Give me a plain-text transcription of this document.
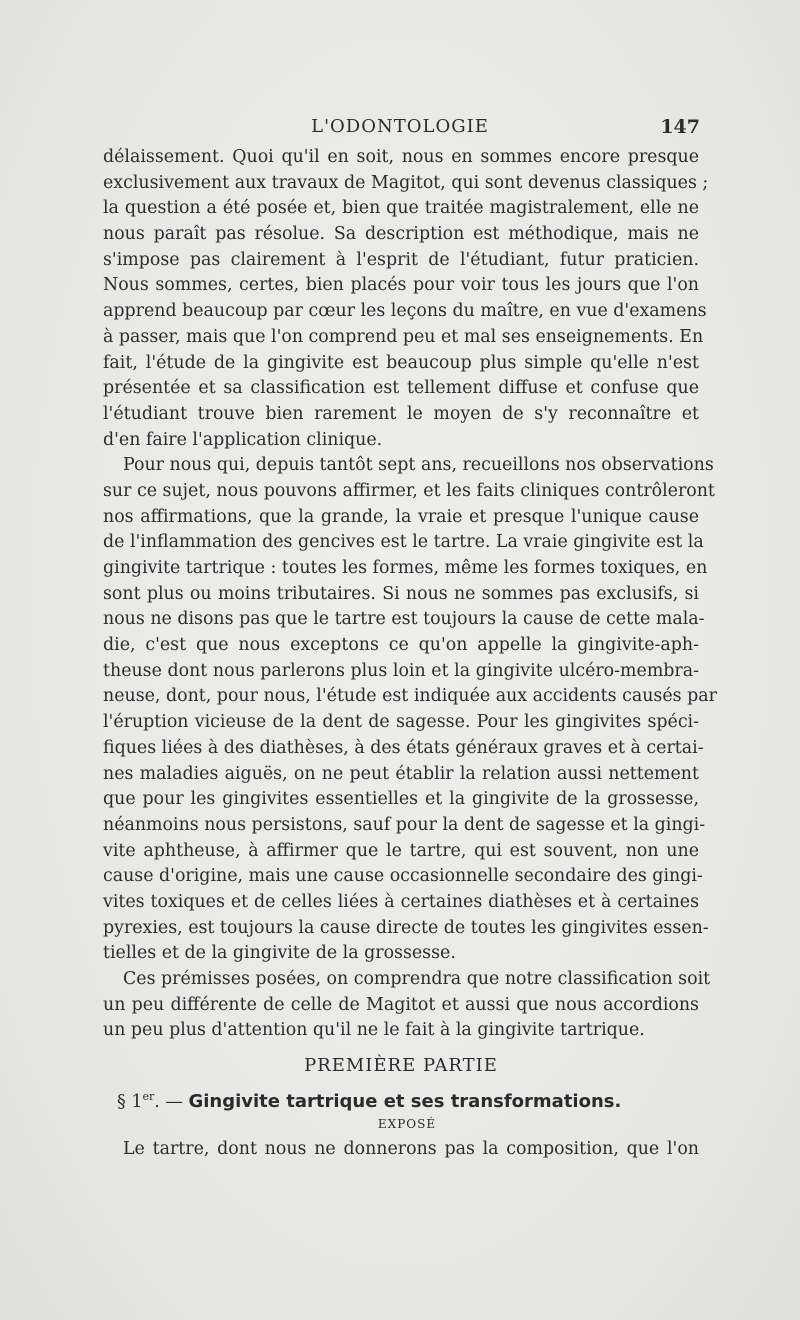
L'ODONTOLOGIE	147
délaissement. Quoi qu'il en soit, nous en sommes encore presque
exclusivement aux travaux de Magitot, qui sont devenus classiques ;
la question a été posée et, bien que traitée magistralement, elle ne
nous paraît pas résolue. Sa description est méthodique, mais ne
s'impose pas clairement à l'esprit de l'étudiant, futur praticien.
Nous sommes, certes, bien placés pour voir tous les jours que l'on
apprend beaucoup par cœur les leçons du maître, en vue d'examens
à passer, mais que l'on comprend peu et mal ses enseignements. En
fait, l'étude de la gingivite est beaucoup plus simple qu'elle n'est
présentée et sa classification est tellement diffuse et confuse que
l'étudiant trouve bien rarement le moyen de s'y reconnaître et
d'en faire l'application clinique.
Pour nous qui, depuis tantôt sept ans, recueillons nos observations
sur ce sujet, nous pouvons affirmer, et les faits cliniques contrôleront
nos affirmations, que la grande, la vraie et presque l'unique cause
de l'inflammation des gencives est le tartre. La vraie gingivite est la
gingivite tartrique : toutes les formes, même les formes toxiques, en
sont plus ou moins tributaires. Si nous ne sommes pas exclusifs, si
nous ne disons pas que le tartre est toujours la cause de cette mala-
die, c'est que nous exceptons ce qu'on appelle la gingivite-aph-
theuse dont nous parlerons plus loin et la gingivite ulcéro-membra-
neuse, dont, pour nous, l'étude est indiquée aux accidents causés par
l'éruption vicieuse de la dent de sagesse. Pour les gingivites spéci-
fiques liées à des diathèses, à des états généraux graves et à certai-
nes maladies aiguës, on ne peut établir la relation aussi nettement
que pour les gingivites essentielles et la gingivite de la grossesse,
néanmoins nous persistons, sauf pour la dent de sagesse et la gingi-
vite aphtheuse, à affirmer que le tartre, qui est souvent, non une
cause d'origine, mais une cause occasionnelle secondaire des gingi-
vites toxiques et de celles liées à certaines diathèses et à certaines
pyrexies, est toujours la cause directe de toutes les gingivites essen-
tielles et de la gingivite de la grossesse.
Ces prémisses posées, on comprendra que notre classification soit
un peu différente de celle de Magitot et aussi que nous accordions
un peu plus d'attention qu'il ne le fait à la gingivite tartrique.
PREMIÈRE PARTIE
§ 1er. — Gingivite tartrique et ses transformations.
EXPOSÉ
Le tartre, dont nous ne donnerons pas la composition, que l'on
